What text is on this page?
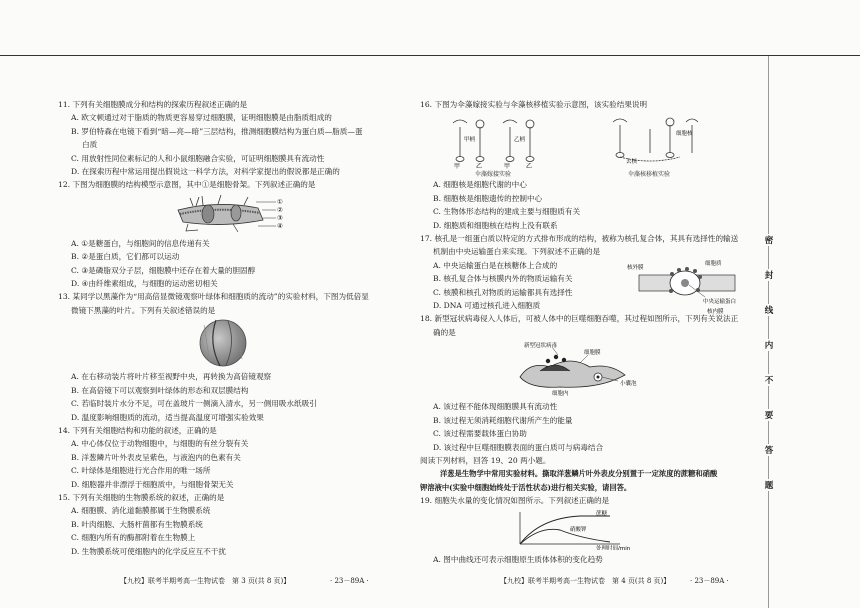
密
封
线
内
不
要
答
题

11. 下列有关细胞膜成分和结构的探索历程叙述正确的是

A. 欧文顿通过对于脂质的物质更容易穿过细胞膜，证明细胞膜是由脂质组成的

B. 罗伯特森在电镜下看到“暗—亮—暗”三层结构，推测细胞膜结构为蛋白质—脂质—蛋

白质

C. 用放射性同位素标记的人和小鼠细胞融合实验，可证明细胞膜具有流动性

D. 在探索历程中常运用提出假说这一科学方法，对科学家提出的假说都是正确的

12. 下图为细胞膜的结构模型示意图，其中①是细胞骨架。下列叙述正确的是

①
②
③
④

A. ①是糖蛋白，与细胞间的信息传递有关

B. ②是蛋白质，它们都可以运动

C. ③是磷脂双分子层，细胞膜中还存在着大量的胆固醇

D. ④由纤维素组成，与细胞的运动密切相关

13. 某同学以黑藻作为“用高倍显微镜观察叶绿体和细胞质的流动”的实验材料，下图为低倍显

微镜下黑藻的叶片。下列有关叙述错误的是

A. 在右移动装片将叶片移至视野中央，再转换为高倍镜观察

B. 在高倍镜下可以观察到叶绿体的形态和双层膜结构

C. 若临时装片水分不足，可在盖玻片一侧滴入清水，另一侧用吸水纸吸引

D. 温度影响细胞质的流动，适当提高温度可增强实验效果

14. 下列有关细胞结构和功能的叙述，正确的是

A. 中心体仅位于动物细胞中，与细胞的有丝分裂有关

B. 洋葱鳞片叶外表皮呈紫色，与液泡内的色素有关

C. 叶绿体是细胞进行光合作用的唯一场所

D. 细胞器并非漂浮于细胞质中，与细胞骨架无关

15. 下列有关细胞的生物膜系统的叙述，正确的是

A. 细胞膜、消化道黏膜都属于生物膜系统

B. 叶肉细胞、大肠杆菌都有生物膜系统

C. 细胞内所有的酶都附着在生物膜上

D. 生物膜系统可使细胞内的化学反应互不干扰

16. 下图为伞藻嫁接实验与伞藻核移植实验示意图，该实验结果说明

甲柄	乙柄
甲	乙	甲	乙
去核
细胞核
伞藻嫁接实验	伞藻核移植实验

A. 细胞核是细胞代谢的中心

B. 细胞核是细胞遗传的控制中心

C. 生物体形态结构的建成主要与细胞质有关

D. 细胞质和细胞核在结构上没有联系

17. 核孔是一组蛋白质以特定的方式排布形成的结构，被称为核孔复合体，其具有选择性的输送

机制由中央运输蛋白来实现。下列叙述不正确的是

核外膜
细胞质
中央运输蛋白
核内膜

A. 中央运输蛋白是在核糖体上合成的

B. 核孔复合体与核膜内外的物质运输有关

C. 核膜和核孔对物质的运输都具有选择性

D. DNA 可通过核孔进入细胞质

18. 新型冠状病毒侵入人体后，可被人体中的巨噬细胞吞噬，其过程如图所示，下列有关说法正

确的是

新型冠状病毒
细胞膜
小囊泡
细胞内

A. 该过程不能体现细胞膜具有流动性

B. 该过程无须消耗细胞代谢所产生的能量

C. 该过程需要载体蛋白协助

D. 该过程中巨噬细胞膜表面的蛋白质可与病毒结合

阅读下列材料，回答 19、20 两小题。

洋葱是生物学中常用实验材料。撕取洋葱鳞片叶外表皮分别置于一定浓度的蔗糖和硝酸

钾溶液中(实验中细胞始终处于活性状态)进行相关实验，请回答。

19. 细胞失水量的变化情况如图所示。下列叙述正确的是

蔗糖
硝酸钾
处理时间/min

A. 图中曲线还可表示细胞原生质体体积的变化趋势

【九校】联考半期考高一生物试卷　第 3 页(共 8 页)】	· 23－89A ·	【九校】联考半期考高一生物试卷　第 4 页(共 8 页)】	· 23－89A ·
